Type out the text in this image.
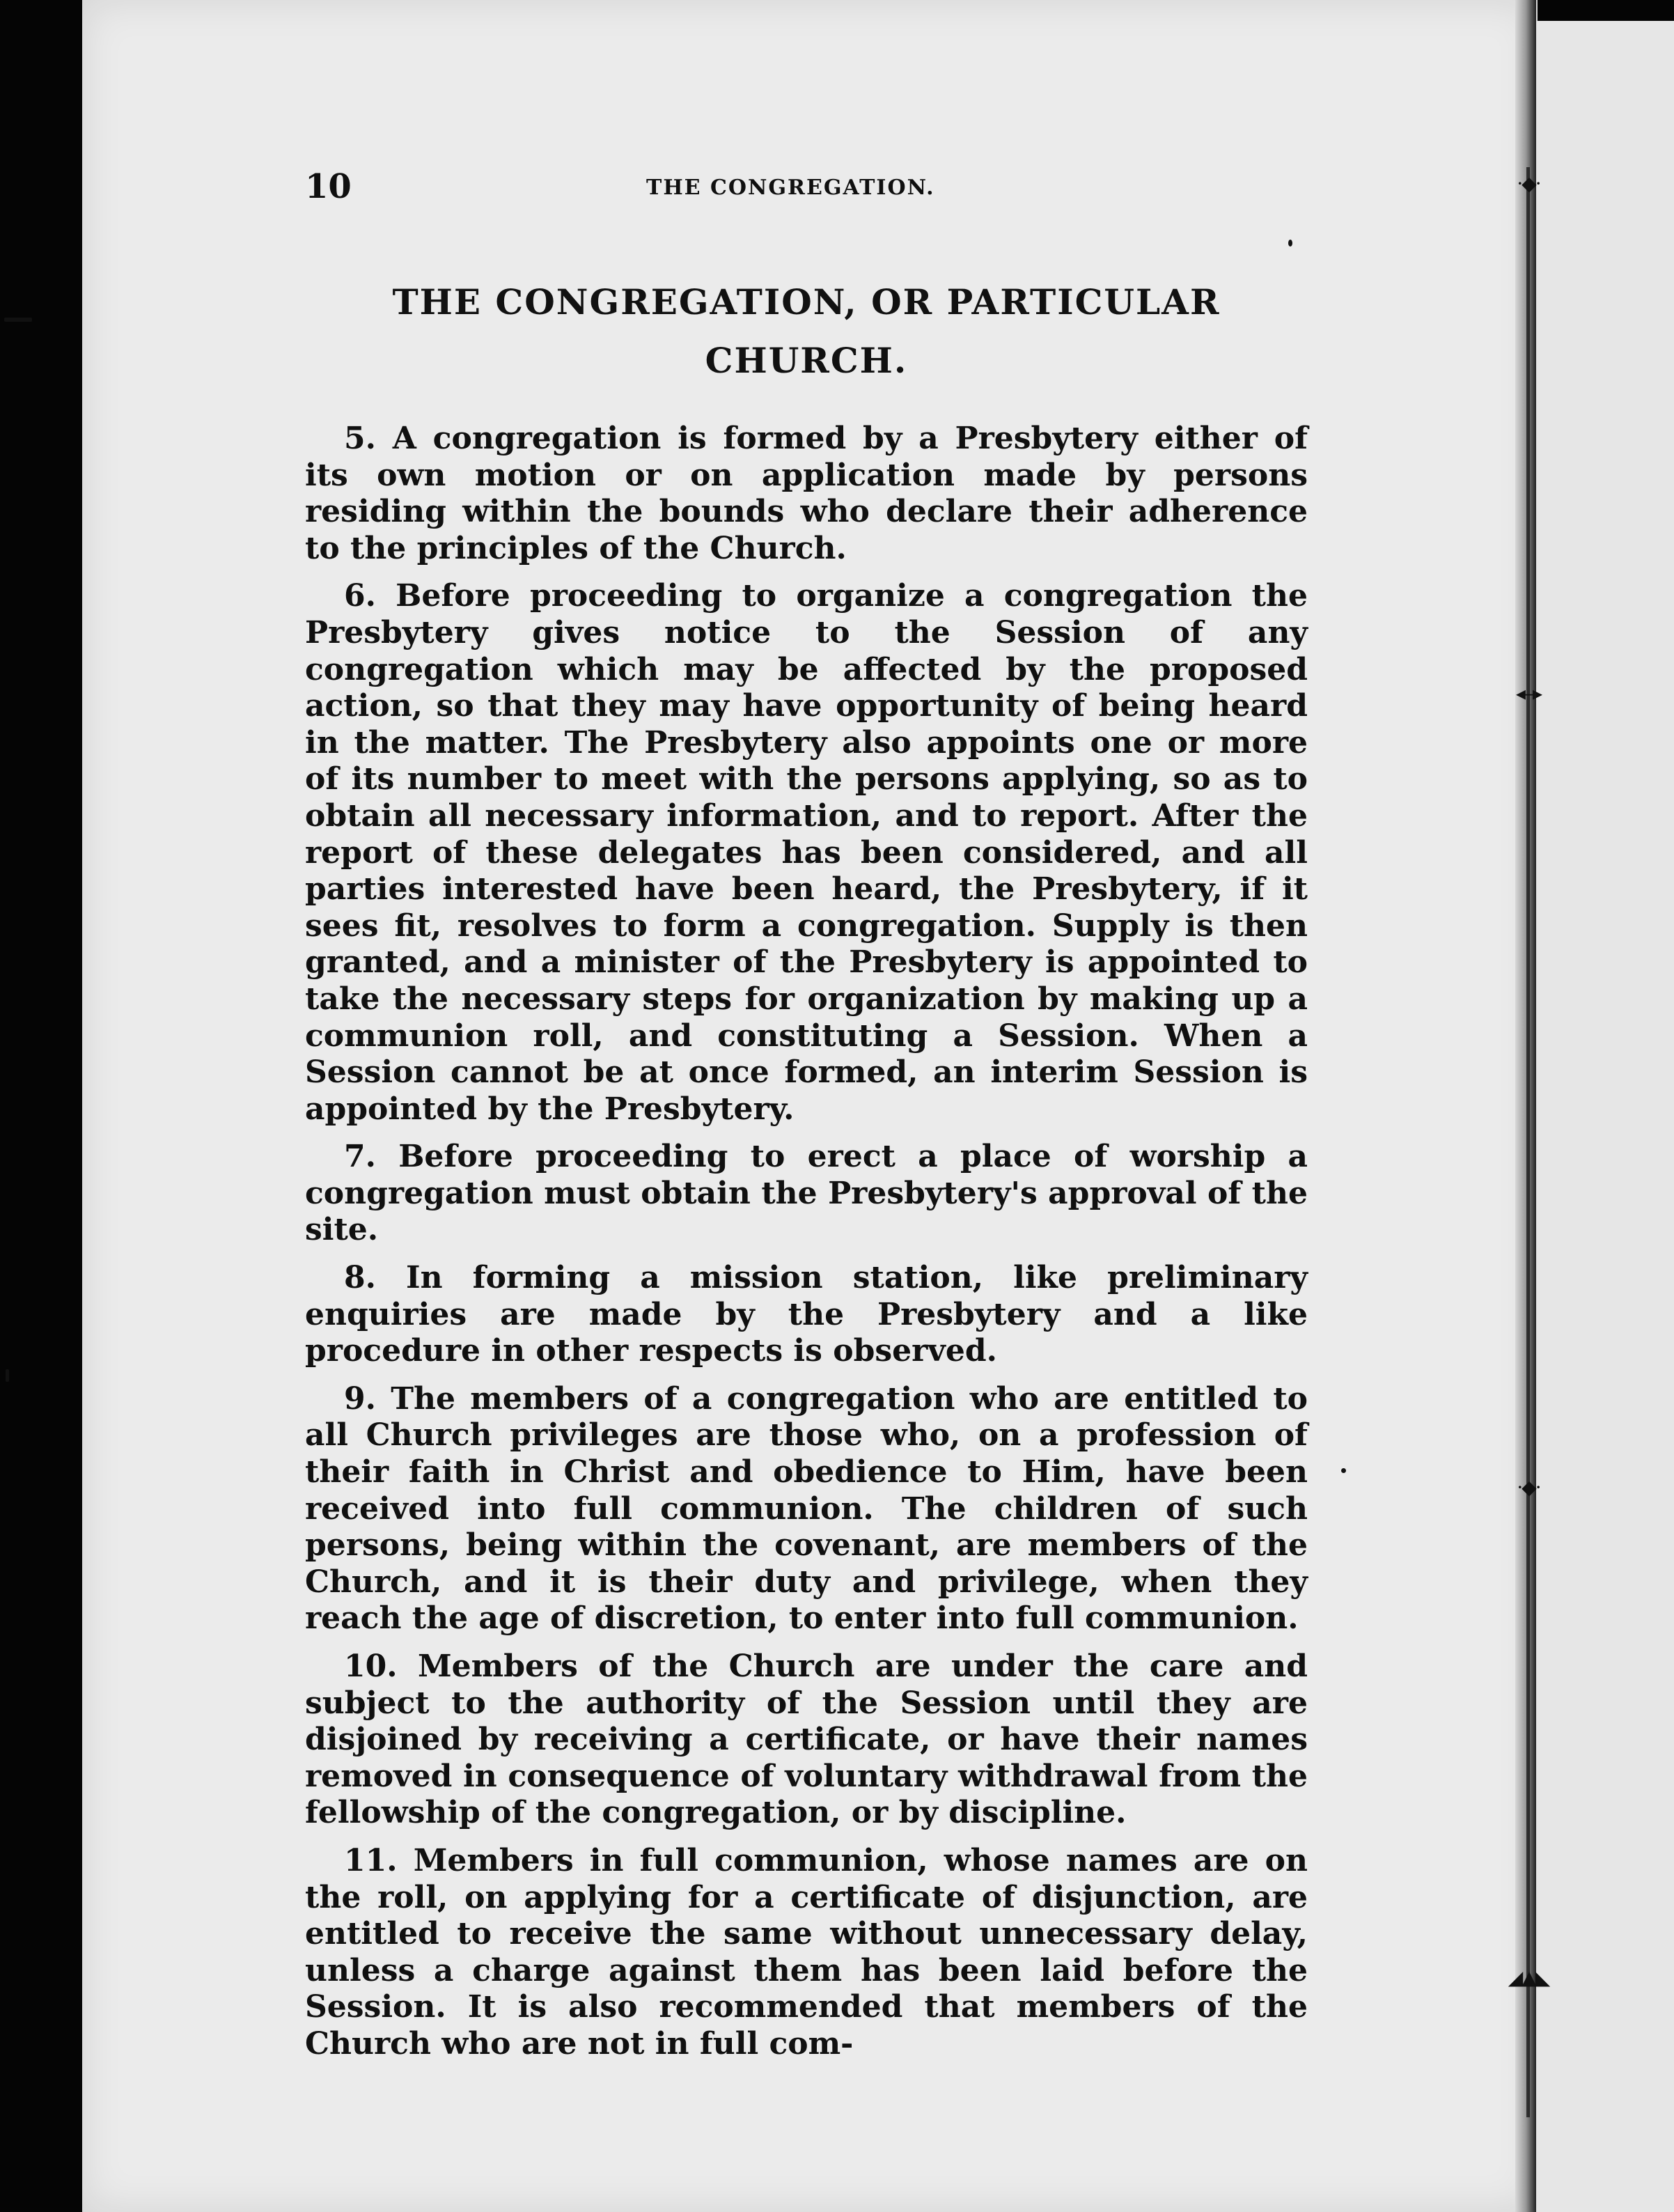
·◆·
◂–▸
·◆·
◢▲◣
10	THE CONGREGATION.
THE CONGREGATION, OR PARTICULAR
CHURCH.

5. A congregation is formed by a Presbytery either of its own motion or on application made by persons residing within the bounds who declare their adherence to the principles of the Church.

6. Before proceeding to organize a congregation the Presbytery gives notice to the Session of any congregation which may be affected by the proposed action, so that they may have opportunity of being heard in the matter. The Presbytery also appoints one or more of its number to meet with the persons applying, so as to obtain all necessary information, and to report. After the report of these delegates has been considered, and all parties interested have been heard, the Presbytery, if it sees fit, resolves to form a congregation. Supply is then granted, and a minister of the Presbytery is appointed to take the necessary steps for organization by making up a communion roll, and constituting a Session. When a Session cannot be at once formed, an interim Session is appointed by the Presbytery.

7. Before proceeding to erect a place of worship a congregation must obtain the Presbytery's approval of the site.

8. In forming a mission station, like preliminary enquiries are made by the Presbytery and a like procedure in other respects is observed.

9. The members of a congregation who are entitled to all Church privileges are those who, on a profession of their faith in Christ and obedience to Him, have been received into full communion. The children of such persons, being within the covenant, are members of the Church, and it is their duty and privilege, when they reach the age of discretion, to enter into full communion.

10. Members of the Church are under the care and subject to the authority of the Session until they are disjoined by receiving a certificate, or have their names removed in consequence of voluntary withdrawal from the fellowship of the congregation, or by discipline.

11. Members in full communion, whose names are on the roll, on applying for a certificate of disjunction, are entitled to receive the same without unnecessary delay, unless a charge against them has been laid before the Session. It is also recommended that members of the Church who are not in full com-
